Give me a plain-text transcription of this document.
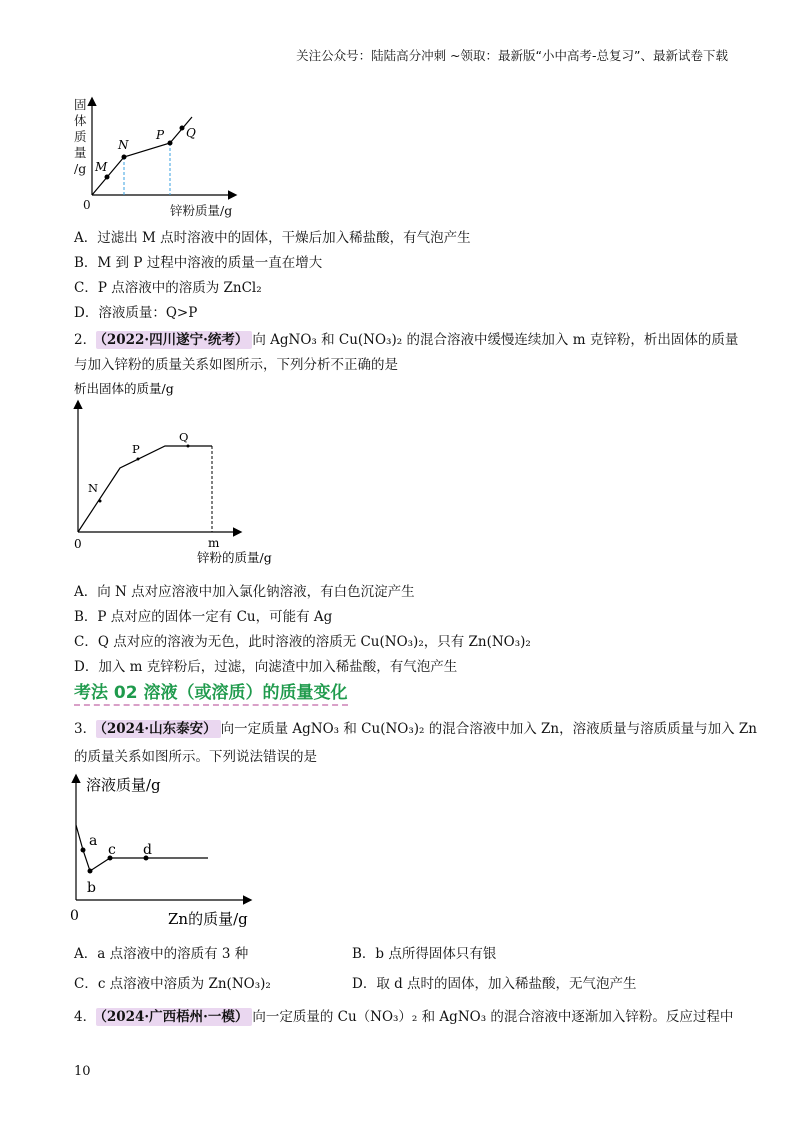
关注公众号：陆陆高分冲刺 ~领取：最新版“小中高考-总复习”、最新试卷下载
M
N
P Q
固
体
质
量
/g
0	锌粉质量/g
A．过滤出 M 点时溶液中的固体，干燥后加入稀盐酸，有气泡产生
B．M 到 P 过程中溶液的质量一直在增大
C．P 点溶液中的溶质为 ZnCl₂
D．溶液质量：Q>P
2． （2022·四川遂宁·统考） 向 AgNO₃ 和 Cu(NO₃)₂ 的混合溶液中缓慢连续加入 m 克锌粉，析出固体的质量
与加入锌粉的质量关系如图所示，下列分析不正确的是
析出固体的质量/g
N
P
Q
0	m
锌粉的质量/g
A．向 N 点对应溶液中加入氯化钠溶液，有白色沉淀产生
B．P 点对应的固体一定有 Cu，可能有 Ag
C．Q 点对应的溶液为无色，此时溶液的溶质无 Cu(NO₃)₂，只有 Zn(NO₃)₂
D．加入 m 克锌粉后，过滤，向滤渣中加入稀盐酸，有气泡产生
考法 02 溶液（或溶质）的质量变化
3． （2024·山东泰安） 向一定质量 AgNO₃ 和 Cu(NO₃)₂ 的混合溶液中加入 Zn，溶液质量与溶质质量与加入 Zn
的质量关系如图所示。下列说法错误的是
溶液质量/g
a
b
c d
0	Zn的质量/g
A．a 点溶液中的溶质有 3 种	B．b 点所得固体只有银
C．c 点溶液中溶质为 Zn(NO₃)₂	D．取 d 点时的固体，加入稀盐酸，无气泡产生
4． （2024·广西梧州·一模） 向一定质量的 Cu（NO₃）₂ 和 AgNO₃ 的混合溶液中逐渐加入锌粉。反应过程中
10
